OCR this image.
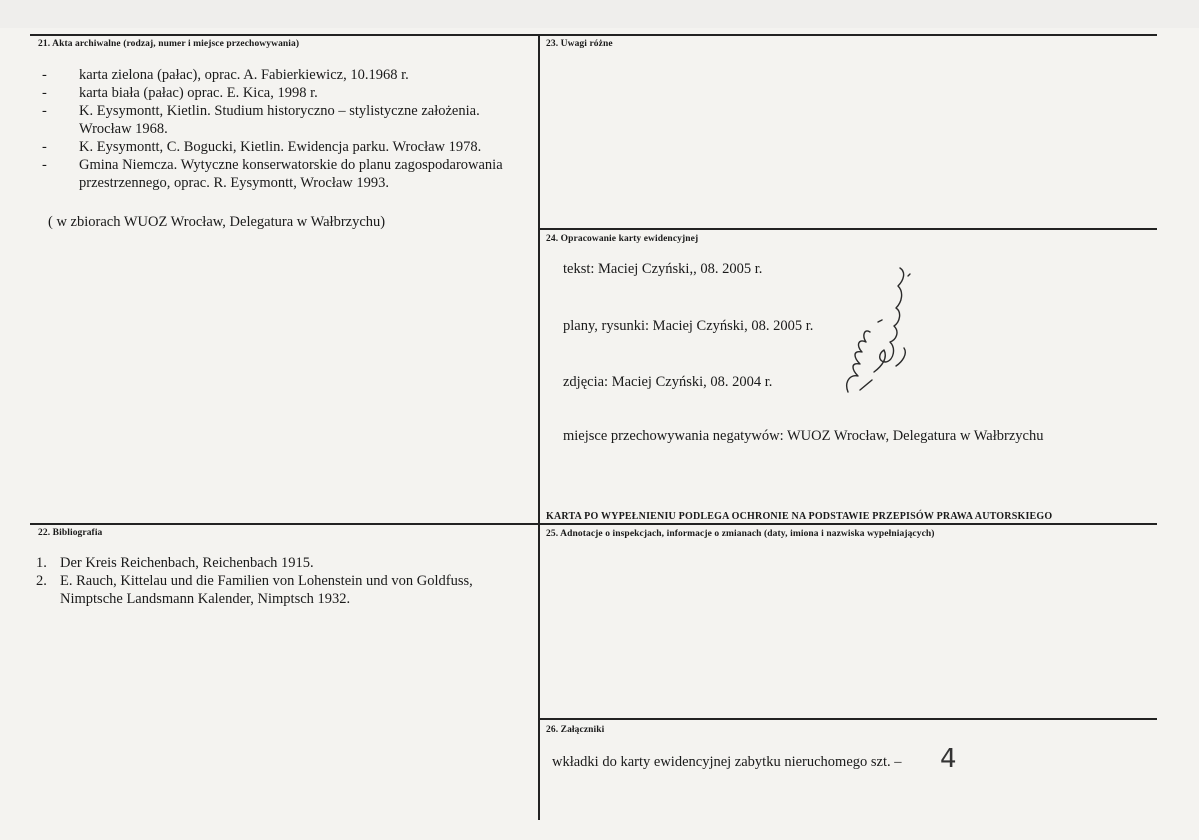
21. Akta archiwalne (rodzaj, numer i miejsce przechowywania)
- karta zielona (pałac), oprac. A. Fabierkiewicz, 10.1968 r.
- karta biała (pałac) oprac. E. Kica, 1998 r.
- K. Eysymontt, Kietlin. Studium historyczno – stylistyczne założenia.
Wrocław 1968.
- K. Eysymontt, C. Bogucki, Kietlin. Ewidencja parku. Wrocław 1978.
- Gmina Niemcza. Wytyczne konserwatorskie do planu zagospodarowania
przestrzennego, oprac. R. Eysymontt, Wrocław 1993.
( w zbiorach WUOZ Wrocław, Delegatura w Wałbrzychu)
23. Uwagi różne
24. Opracowanie karty ewidencyjnej
tekst: Maciej Czyński,, 08. 2005 r.
plany, rysunki: Maciej Czyński, 08. 2005 r.
zdjęcia: Maciej Czyński, 08. 2004 r.
miejsce przechowywania negatywów: WUOZ Wrocław, Delegatura w Wałbrzychu
KARTA PO WYPEŁNIENIU PODLEGA OCHRONIE NA PODSTAWIE PRZEPISÓW PRAWA AUTORSKIEGO
22. Bibliografia
1. Der Kreis Reichenbach, Reichenbach 1915.
2. E. Rauch, Kittelau und die Familien von Lohenstein und von Goldfuss,
Nimptsche Landsmann Kalender, Nimptsch 1932.
25. Adnotacje o inspekcjach, informacje o zmianach (daty, imiona i nazwiska wypełniających)
26. Załączniki
wkładki do karty ewidencyjnej zabytku nieruchomego szt. – 4
